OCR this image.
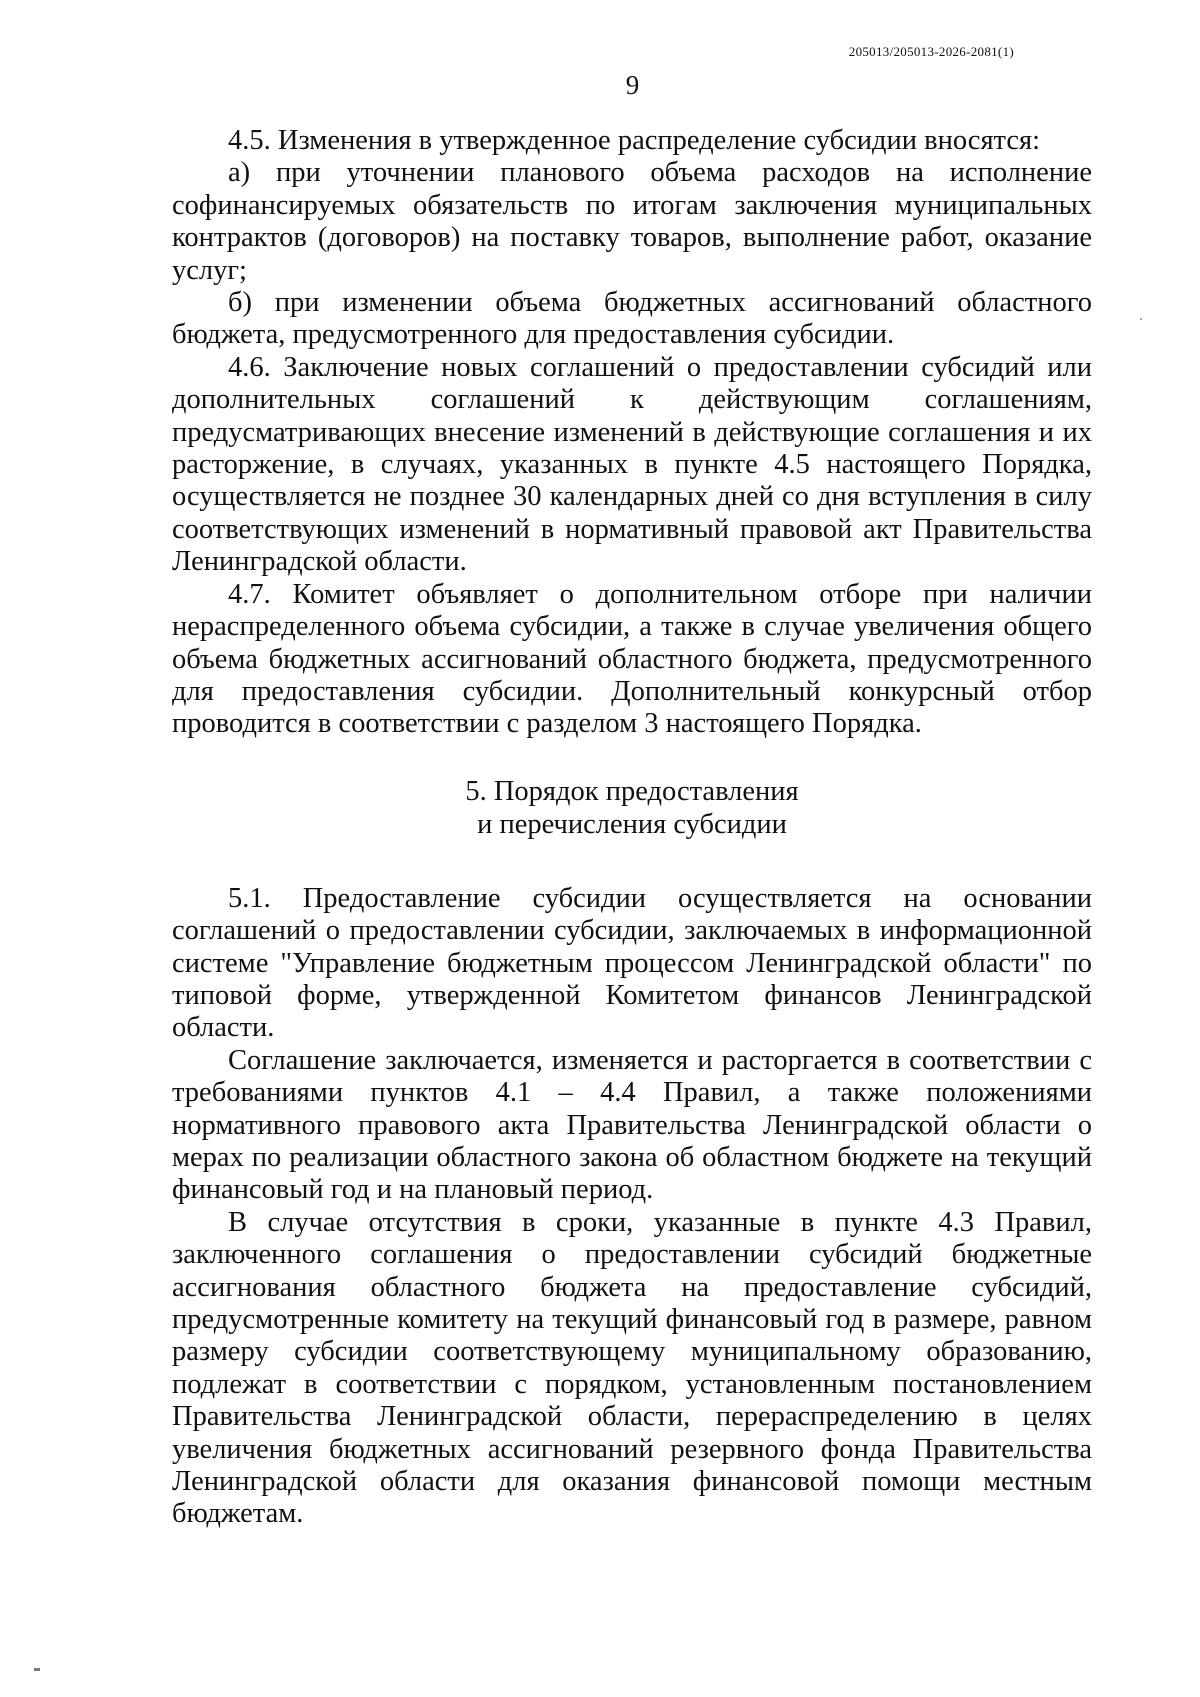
205013/205013-2026-2081(1)
9

4.5. Изменения в утвержденное распределение субсидии вносятся:

а) при уточнении планового объема расходов на исполнение софинансируемых обязательств по итогам заключения муниципальных контрактов (договоров) на поставку товаров, выполнение работ, оказание услуг;

б) при изменении объема бюджетных ассигнований областного бюджета, предусмотренного для предоставления субсидии.

4.6. Заключение новых соглашений о предоставлении субсидий или дополнительных соглашений к действующим соглашениям, предусматривающих внесение изменений в действующие соглашения и их расторжение, в случаях, указанных в пункте 4.5 настоящего Порядка, осуществляется не позднее 30 календарных дней со дня вступления в силу соответствующих изменений в нормативный правовой акт Правительства Ленинградской области.

4.7. Комитет объявляет о дополнительном отборе при наличии нераспределенного объема субсидии, а также в случае увеличения общего объема бюджетных ассигнований областного бюджета, предусмотренного для предоставления субсидии. Дополнительный конкурсный отбор проводится в соответствии с разделом 3 настоящего Порядка.

5. Порядок предоставления
и перечисления субсидии

5.1. Предоставление субсидии осуществляется на основании соглашений о предоставлении субсидии, заключаемых в информационной системе "Управление бюджетным процессом Ленинградской области" по типовой форме, утвержденной Комитетом финансов Ленинградской области.

Соглашение заключается, изменяется и расторгается в соответствии с требованиями пунктов 4.1 – 4.4 Правил, а также положениями нормативного правового акта Правительства Ленинградской области о мерах по реализации областного закона об областном бюджете на текущий финансовый год и на плановый период.

В случае отсутствия в сроки, указанные в пункте 4.3 Правил, заключенного соглашения о предоставлении субсидий бюджетные ассигнования областного бюджета на предоставление субсидий, предусмотренные комитету на текущий финансовый год в размере, равном размеру субсидии соответствующему муниципальному образованию, подлежат в соответствии с порядком, установленным постановлением Правительства Ленинградской области, перераспределению в целях увеличения бюджетных ассигнований резервного фонда Правительства Ленинградской области для оказания финансовой помощи местным бюджетам.
